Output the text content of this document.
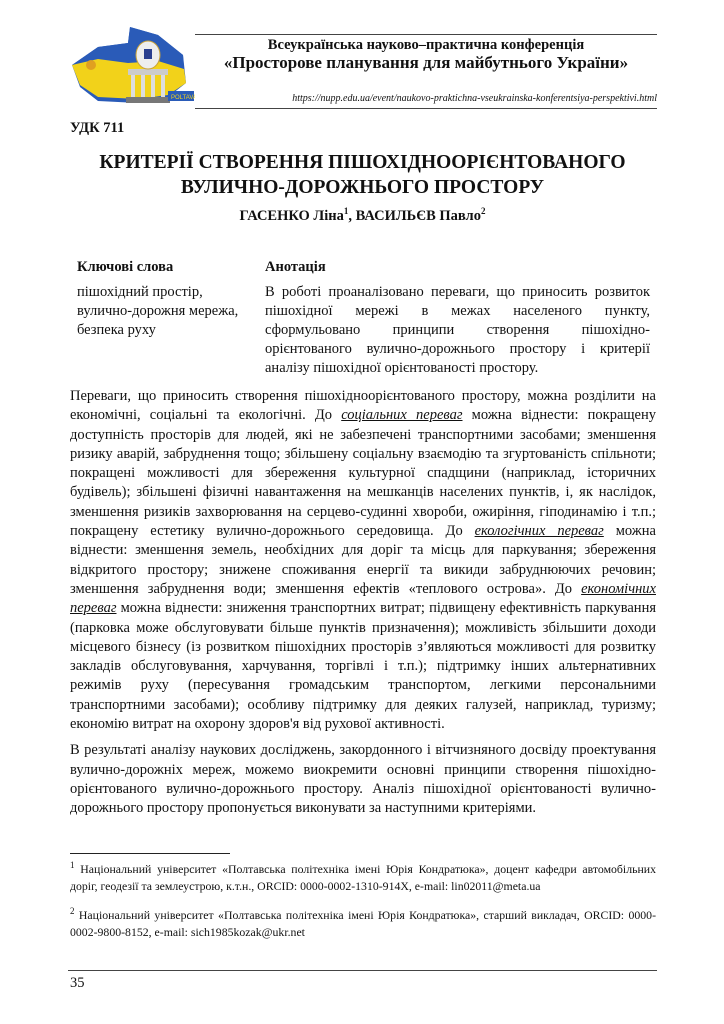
POLTAVA
Всеукраїнська науково–практична конференція
«Просторове планування для майбутнього України»
https://nupp.edu.ua/event/naukovo-praktichna-vseukrainska-konferentsiya-perspektivi.html
УДК 711
КРИТЕРІЇ СТВОРЕННЯ ПІШОХІДНООРІЄНТОВАНОГО
ВУЛИЧНО-ДОРОЖНЬОГО ПРОСТОРУ
ГАСЕНКО Ліна$^1$, ВАСИЛЬЄВ Павло$^2$
Ключові слова

пішохідний простір, вулично-дорожня мережа, безпека руху

Анотація

В роботі проаналізовано переваги, що приносить розвиток пішохідної мережі в межах населеного пункту, сформульовано принципи створення пішохідно-орієнтованого вулично-дорожнього простору і критерії аналізу пішохідної орієнтованості простору.

Переваги, що приносить створення пішохідноорієнтованого простору, можна розділити на економічні, соціальні та екологічні. До соціальних переваг можна віднести: покращену доступність просторів для людей, які не забезпечені транспортними засобами; зменшення ризику аварій, забруднення тощо; збільшену соціальну взаємодію та згуртованість спільноти; покращені можливості для збереження культурної спадщини (наприклад, історичних будівель); збільшені фізичні навантаження на мешканців населених пунктів, і, як наслідок, зменшення ризиків захворювання на серцево-судинні хвороби, ожиріння, гіподинамію і т.п.; покращену естетику вулично-дорожнього середовища. До екологічних переваг можна віднести: зменшення земель, необхідних для доріг та місць для паркування; збереження відкритого простору; знижене споживання енергії та викиди забруднюючих речовин; зменшення забруднення води; зменшення ефектів «теплового острова». До економічних переваг можна віднести: зниження транспортних витрат; підвищену ефективність паркування (парковка може обслуговувати більше пунктів призначення); можливість збільшити доходи місцевого бізнесу (із розвитком пішохідних просторів з’являються можливості для розвитку закладів обслуговування, харчування, торгівлі і т.п.); підтримку інших альтернативних режимів руху (пересування громадським транспортом, легкими персональними транспортними засобами); особливу підтримку для деяких галузей, наприклад, туризму; економію витрат на охорону здоров'я від рухової активності.

В результаті аналізу наукових досліджень, закордонного і вітчизняного досвіду проектування вулично-дорожніх мереж, можемо виокремити основні принципи створення пішохідно-орієнтованого вулично-дорожнього простору. Аналіз пішохідної орієнтованості вулично-дорожнього простору пропонується виконувати за наступними критеріями.

$^1$ Національний університет «Полтавська політехніка імені Юрія Кондратюка», доцент кафедри автомобільних доріг, геодезії та землеустрою, к.т.н., ORCID: 0000-0002-1310-914X, e-mail: lin02011@meta.ua

$^2$ Національний університет «Полтавська політехніка імені Юрія Кондратюка», старший викладач, ORCID: 0000-0002-9800-8152, e-mail: sich1985kozak@ukr.net

35
